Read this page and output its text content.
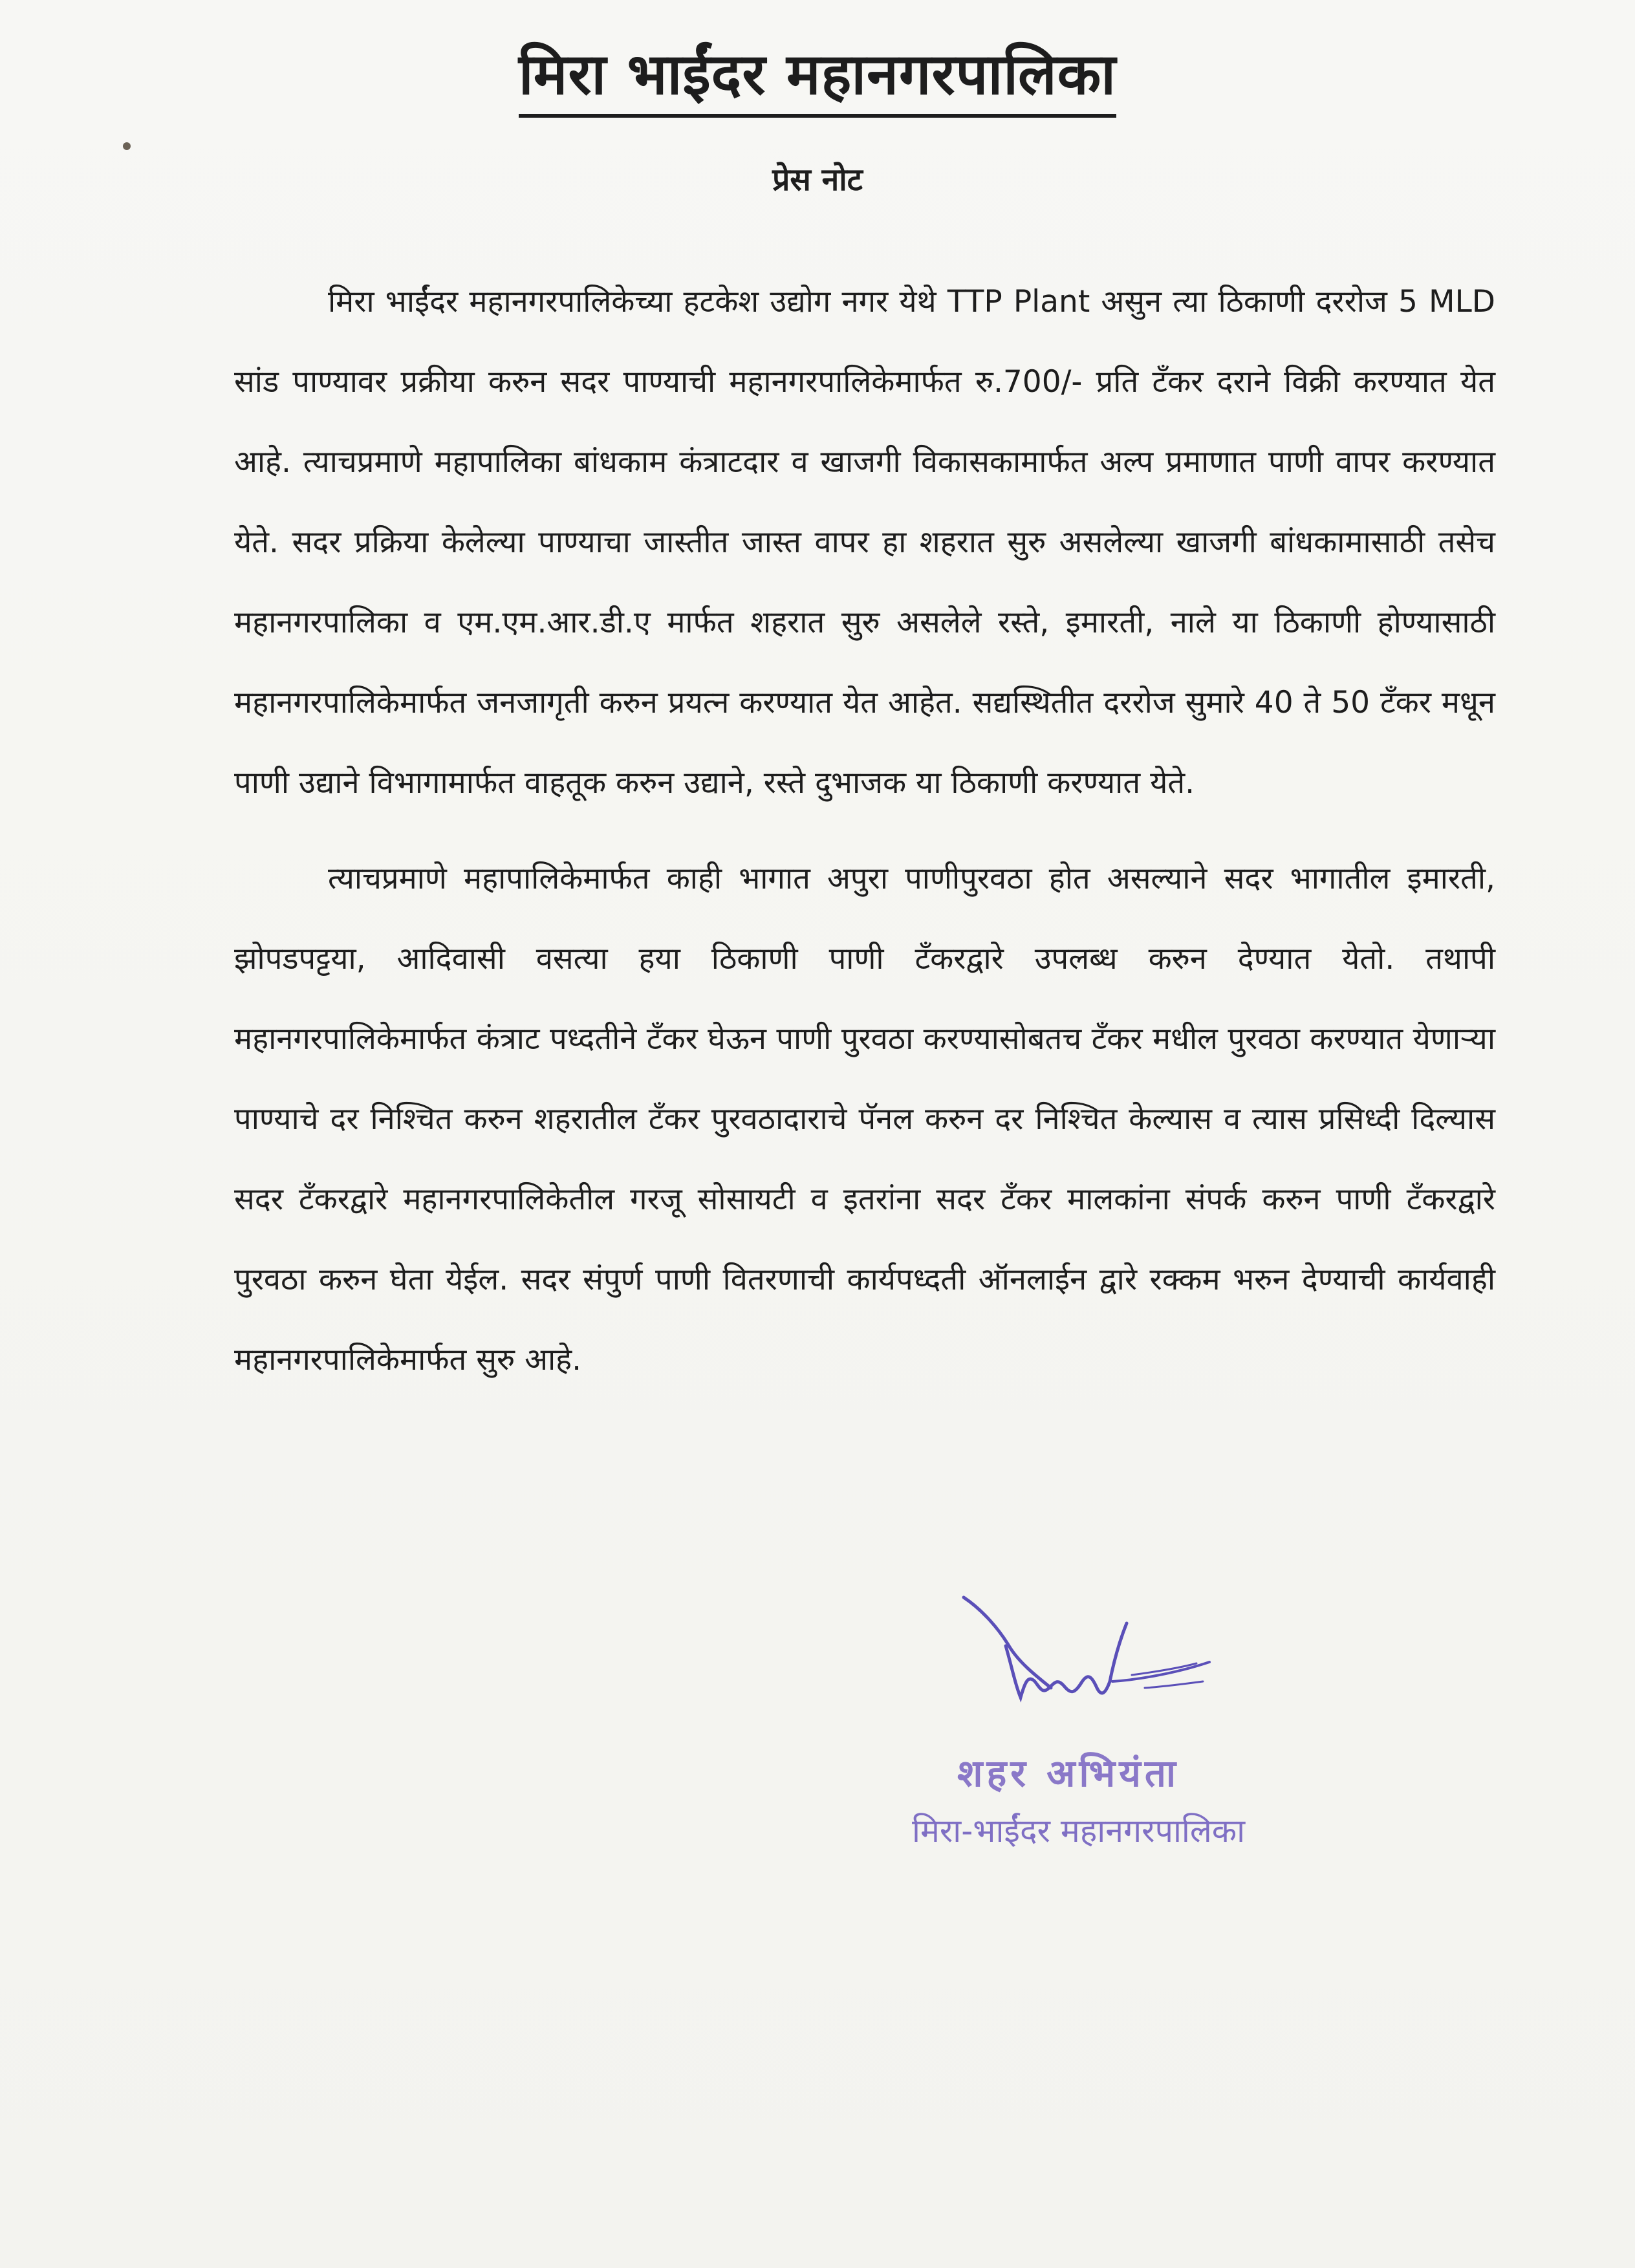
मिरा भाईंदर महानगरपालिका
प्रेस नोट

मिरा भाईंदर महानगरपालिकेच्या हटकेश उद्योग नगर येथे TTP Plant असुन त्या ठिकाणी दररोज 5 MLD सांड पाण्यावर प्रक्रीया करुन सदर पाण्याची महानगरपालिकेमार्फत रु.700/- प्रति टॅंकर दराने विक्री करण्यात येत आहे. त्याचप्रमाणे महापालिका बांधकाम कंत्राटदार व खाजगी विकासकामार्फत अल्प प्रमाणात पाणी वापर करण्यात येते. सदर प्रक्रिया केलेल्या पाण्याचा जास्तीत जास्त वापर हा शहरात सुरु असलेल्या खाजगी बांधकामासाठी तसेच महानगरपालिका व एम.एम.आर.डी.ए मार्फत शहरात सुरु असलेले रस्ते, इमारती, नाले या ठिकाणी होण्यासाठी महानगरपालिकेमार्फत जनजागृती करुन प्रयत्न करण्यात येत आहेत. सद्यस्थितीत दररोज सुमारे 40 ते 50 टॅंकर मधून पाणी उद्याने विभागामार्फत वाहतूक करुन उद्याने, रस्ते दुभाजक या ठिकाणी करण्यात येते.

त्याचप्रमाणे महापालिकेमार्फत काही भागात अपुरा पाणीपुरवठा होत असल्याने सदर भागातील इमारती, झोपडपट्टया, आदिवासी वसत्या हया ठिकाणी पाणी टॅंकरद्वारे उपलब्ध करुन देण्यात येतो. तथापी महानगरपालिकेमार्फत कंत्राट पध्दतीने टॅंकर घेऊन पाणी पुरवठा करण्यासोबतच टॅंकर मधील पुरवठा करण्यात येणाऱ्या पाण्याचे दर निश्चित करुन शहरातील टॅंकर पुरवठादाराचे पॅनल करुन दर निश्चित केल्यास व त्यास प्रसिध्दी दिल्यास सदर टॅंकरद्वारे महानगरपालिकेतील गरजू सोसायटी व इतरांना सदर टॅंकर मालकांना संपर्क करुन पाणी टॅंकरद्वारे पुरवठा करुन घेता येईल. सदर संपुर्ण पाणी वितरणाची कार्यपध्दती ऑनलाईन द्वारे रक्कम भरुन देण्याची कार्यवाही महानगरपालिकेमार्फत सुरु आहे.

शहर अभियंता
मिरा-भाईंदर महानगरपालिका
